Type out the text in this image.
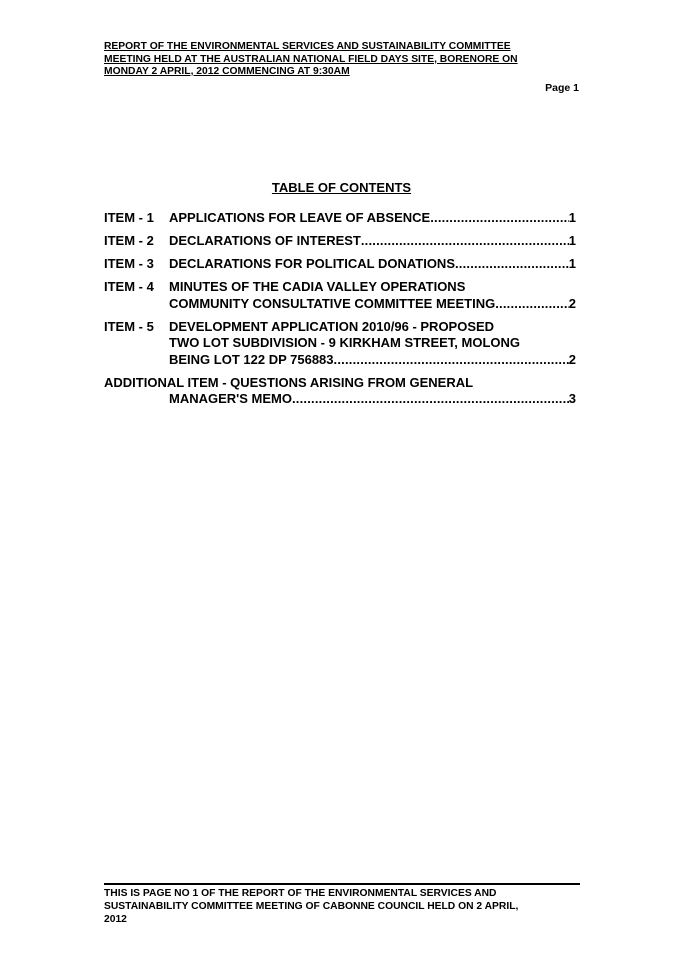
REPORT OF THE ENVIRONMENTAL SERVICES AND SUSTAINABILITY COMMITTEE
MEETING HELD AT THE AUSTRALIAN NATIONAL FIELD DAYS SITE, BORENORE ON
MONDAY 2 APRIL, 2012 COMMENCING AT 9:30AM
Page 1
TABLE OF CONTENTS
ITEM - 1	APPLICATIONS FOR LEAVE OF ABSENCE .....	1
ITEM - 2	DECLARATIONS OF INTEREST .....	1
ITEM - 3	DECLARATIONS FOR POLITICAL DONATIONS .....	1
ITEM - 4	MINUTES OF THE CADIA VALLEY OPERATIONS
COMMUNITY CONSULTATIVE COMMITTEE MEETING .....	2
ITEM - 5	DEVELOPMENT APPLICATION 2010/96 - PROPOSED
TWO LOT SUBDIVISION - 9 KIRKHAM STREET, MOLONG
BEING LOT 122 DP 756883 .....	2
ADDITIONAL ITEM - QUESTIONS ARISING FROM GENERAL
MANAGER'S MEMO .....	3
THIS IS PAGE NO 1 OF THE REPORT OF THE ENVIRONMENTAL SERVICES AND
SUSTAINABILITY COMMITTEE MEETING OF CABONNE COUNCIL HELD ON 2 APRIL,
2012
